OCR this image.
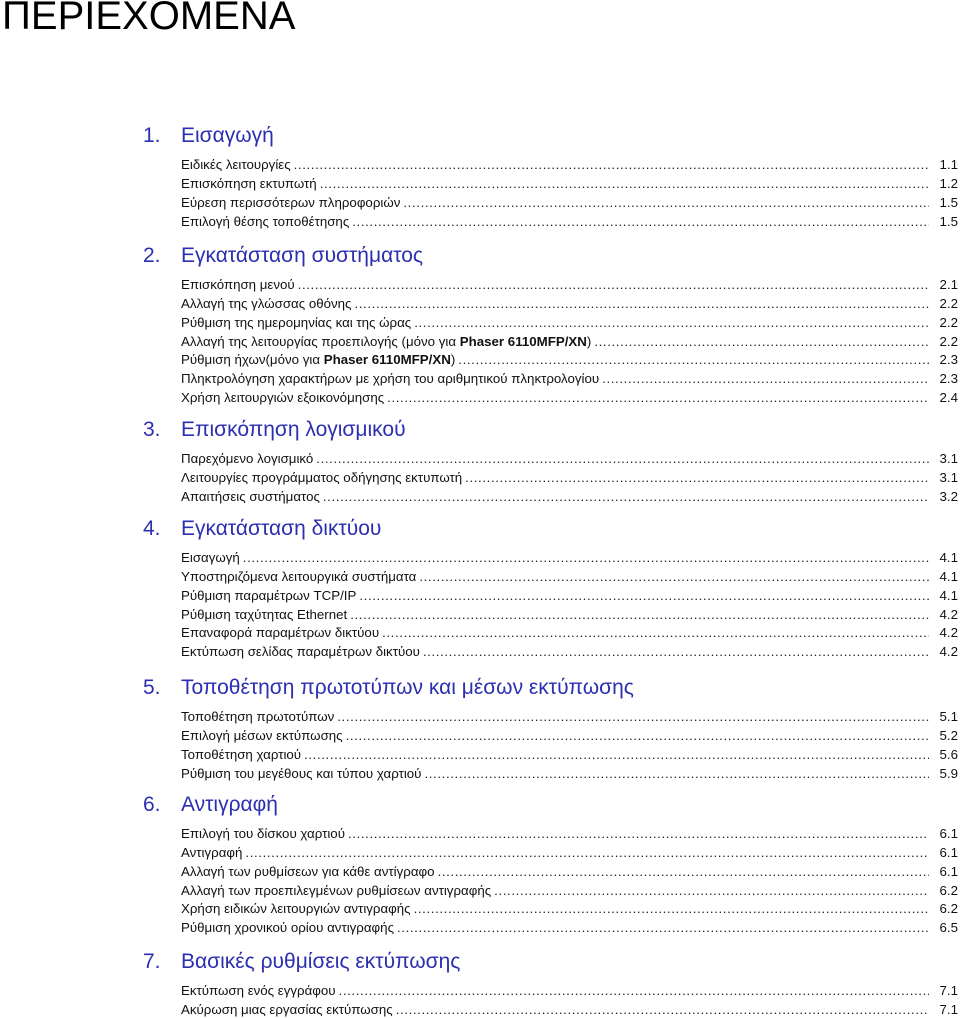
ΠΕΡΙΕΧΟΜΕΝΑ
1. Εισαγωγή
Ειδικές λειτουργίες .....	1.1
Επισκόπηση εκτυπωτή .....	1.2
Εύρεση περισσότερων πληροφοριών .....	1.5
Επιλογή θέσης τοποθέτησης .....	1.5
2. Εγκατάσταση συστήματος
Επισκόπηση μενού .....	2.1
Αλλαγή της γλώσσας οθόνης .....	2.2
Ρύθμιση της ημερομηνίας και της ώρας .....	2.2
Αλλαγή της λειτουργίας προεπιλογής (μόνο για Phaser 6110MFP/XN) .....	2.2
Ρύθμιση ήχων(μόνο για Phaser 6110MFP/XN) .....	2.3
Πληκτρολόγηση χαρακτήρων με χρήση του αριθμητικού πληκτρολογίου .....	2.3
Χρήση λειτουργιών εξοικονόμησης .....	2.4
3. Επισκόπηση λογισμικού
Παρεχόμενο λογισμικό .....	3.1
Λειτουργίες προγράμματος οδήγησης εκτυπωτή .....	3.1
Απαιτήσεις συστήματος .....	3.2
4. Εγκατάσταση δικτύου
Εισαγωγή .....	4.1
Υποστηριζόμενα λειτουργικά συστήματα .....	4.1
Ρύθμιση παραμέτρων TCP/IP .....	4.1
Ρύθμιση ταχύτητας Ethernet .....	4.2
Επαναφορά παραμέτρων δικτύου .....	4.2
Εκτύπωση σελίδας παραμέτρων δικτύου .....	4.2
5. Τοποθέτηση πρωτοτύπων και μέσων εκτύπωσης
Τοποθέτηση πρωτοτύπων .....	5.1
Επιλογή μέσων εκτύπωσης .....	5.2
Τοποθέτηση χαρτιού .....	5.6
Ρύθμιση του μεγέθους και τύπου χαρτιού .....	5.9
6. Αντιγραφή
Επιλογή του δίσκου χαρτιού .....	6.1
Αντιγραφή .....	6.1
Αλλαγή των ρυθμίσεων για κάθε αντίγραφο .....	6.1
Αλλαγή των προεπιλεγμένων ρυθμίσεων αντιγραφής .....	6.2
Χρήση ειδικών λειτουργιών αντιγραφής .....	6.2
Ρύθμιση χρονικού ορίου αντιγραφής .....	6.5
7. Βασικές ρυθμίσεις εκτύπωσης
Εκτύπωση ενός εγγράφου .....	7.1
Ακύρωση μιας εργασίας εκτύπωσης .....	7.1
